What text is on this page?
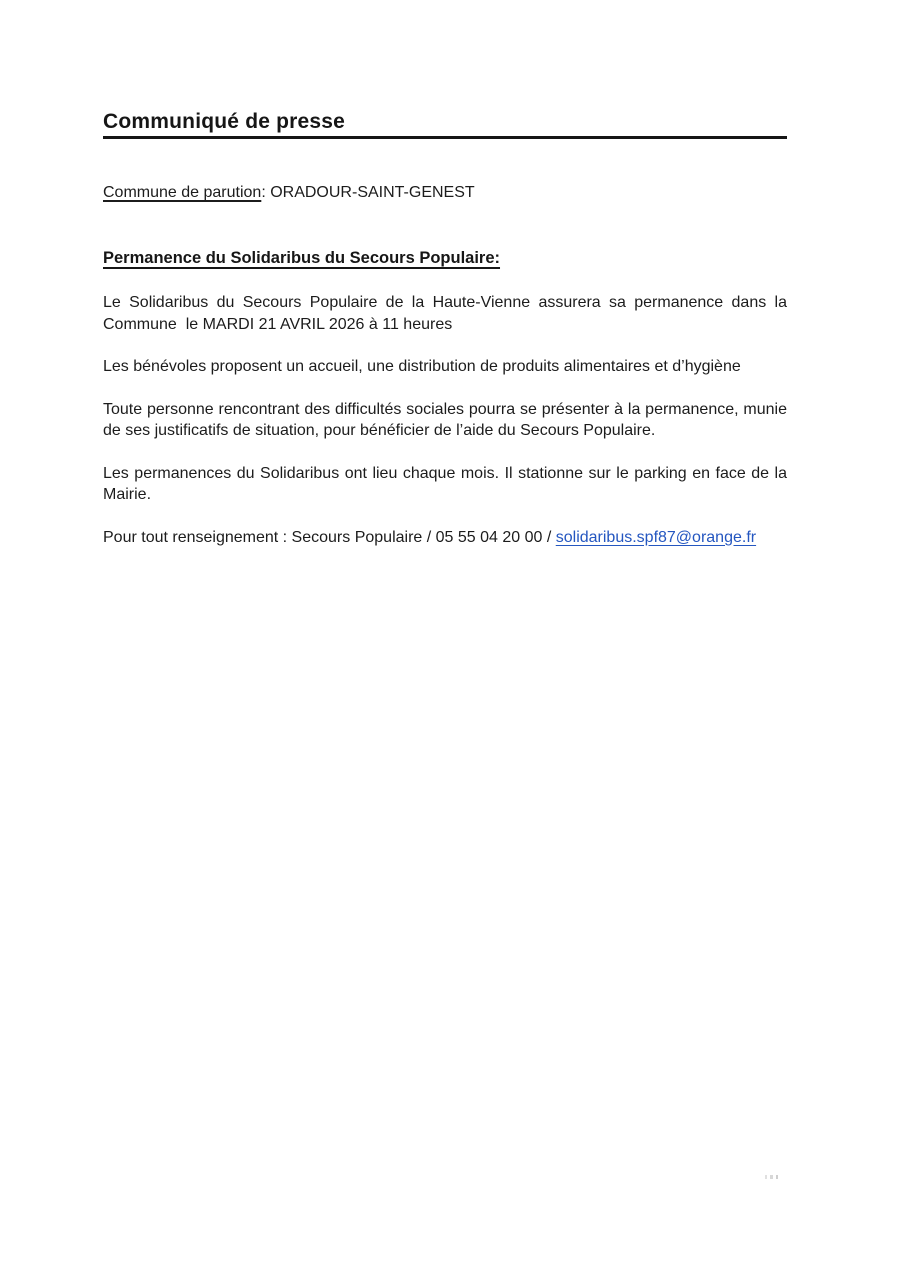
Communiqué de presse

Commune de parution: ORADOUR-SAINT-GENEST

Permanence du Solidaribus du Secours Populaire:

Le Solidaribus du Secours Populaire de la Haute-Vienne assurera sa permanence dans la Commune  le MARDI 21 AVRIL 2026 à 11 heures

Les bénévoles proposent un accueil, une distribution de produits alimentaires et d’hygiène

Toute personne rencontrant des difficultés sociales pourra se présenter à la permanence, munie de ses justificatifs de situation, pour bénéficier de l’aide du Secours Populaire.

Les permanences du Solidaribus ont lieu chaque mois. Il stationne sur le parking en face de la Mairie.

Pour tout renseignement : Secours Populaire / 05 55 04 20 00 / solidaribus.spf87@orange.fr
